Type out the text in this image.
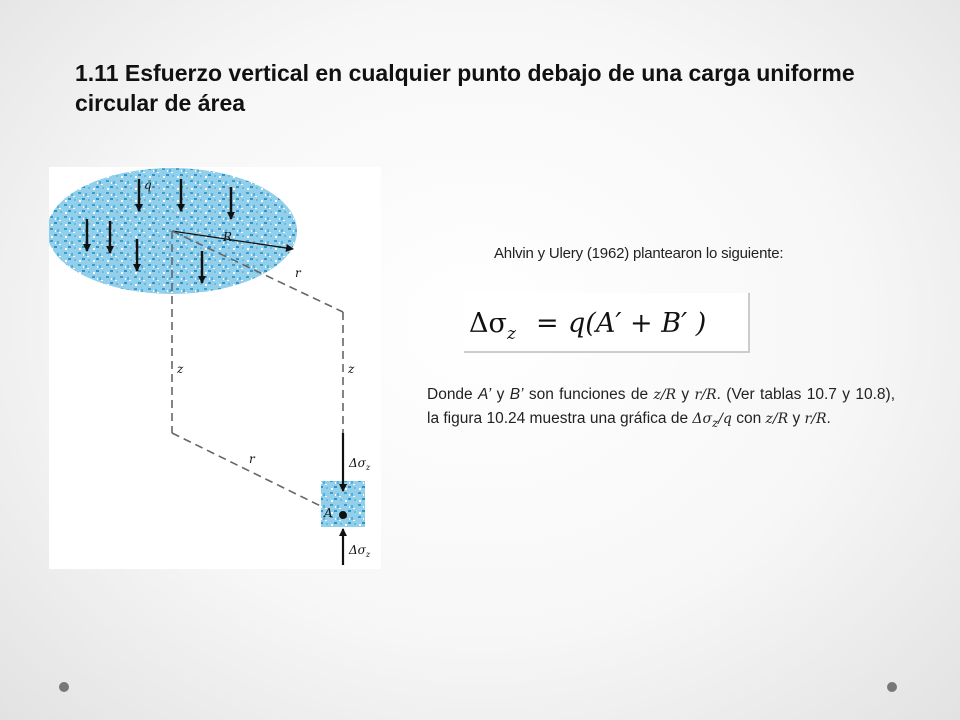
1.11 Esfuerzo vertical en cualquier punto debajo de una carga uniforme circular de área
q
R
r
r
z	z
A
$\Delta\sigma_z$
$\Delta\sigma_z$
Ahlvin y Ulery (1962) plantearon lo siguiente:
$\Delta\sigma_z = q(A' + B'$ )
Donde A’ y B’ son funciones de z/R y r/R. (Ver tablas 10.7 y 10.8), la figura 10.24 muestra una gráfica de $\Delta\sigma_z/q$ con z/R y r/R.
